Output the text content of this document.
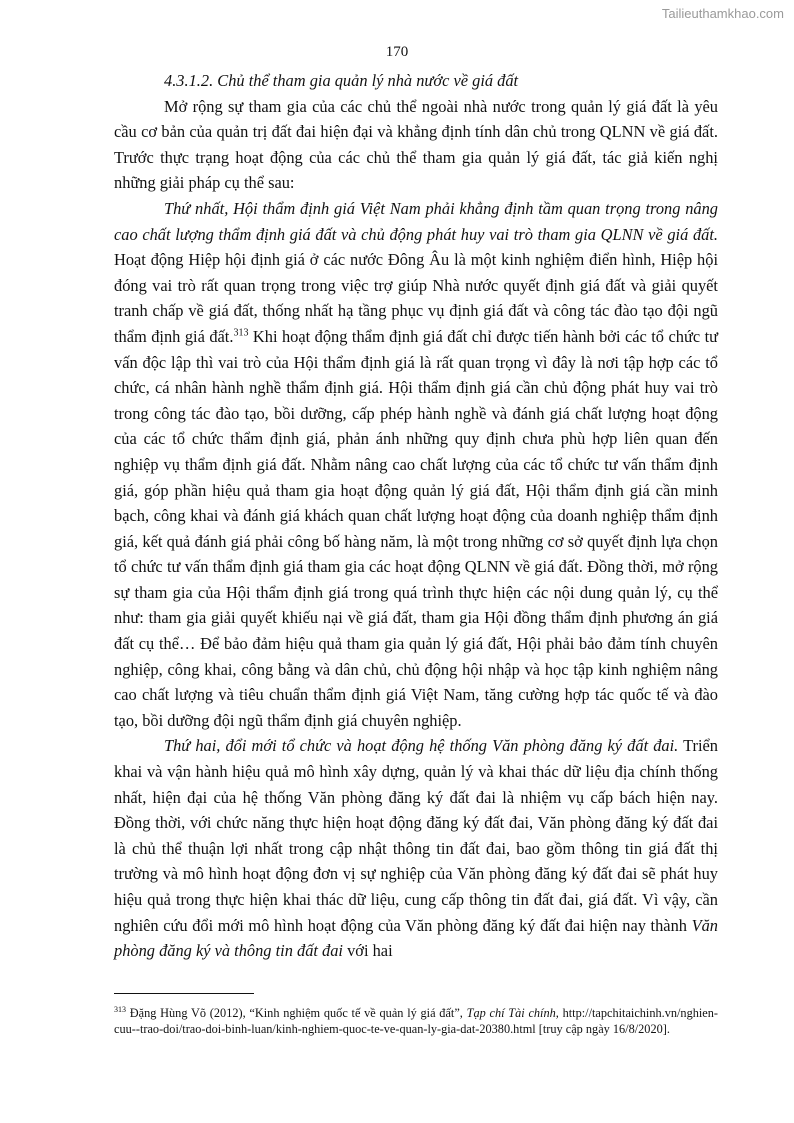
Tailieuthamkhao.com
170
4.3.1.2. Chủ thể tham gia quản lý nhà nước về giá đất

Mở rộng sự tham gia của các chủ thể ngoài nhà nước trong quản lý giá đất là yêu cầu cơ bản của quản trị đất đai hiện đại và khẳng định tính dân chủ trong QLNN về giá đất. Trước thực trạng hoạt động của các chủ thể tham gia quản lý giá đất, tác giả kiến nghị những giải pháp cụ thể sau:

Thứ nhất, Hội thẩm định giá Việt Nam phải khẳng định tầm quan trọng trong nâng cao chất lượng thẩm định giá đất và chủ động phát huy vai trò tham gia QLNN về giá đất. Hoạt động Hiệp hội định giá ở các nước Đông Âu là một kinh nghiệm điển hình, Hiệp hội đóng vai trò rất quan trọng trong việc trợ giúp Nhà nước quyết định giá đất và giải quyết tranh chấp về giá đất, thống nhất hạ tầng phục vụ định giá đất và công tác đào tạo đội ngũ thẩm định giá đất.$^{313}$ Khi hoạt động thẩm định giá đất chỉ được tiến hành bởi các tổ chức tư vấn độc lập thì vai trò của Hội thẩm định giá là rất quan trọng vì đây là nơi tập hợp các tổ chức, cá nhân hành nghề thẩm định giá. Hội thẩm định giá cần chủ động phát huy vai trò trong công tác đào tạo, bồi dưỡng, cấp phép hành nghề và đánh giá chất lượng hoạt động của các tổ chức thẩm định giá, phản ánh những quy định chưa phù hợp liên quan đến nghiệp vụ thẩm định giá đất. Nhằm nâng cao chất lượng của các tổ chức tư vấn thẩm định giá, góp phần hiệu quả tham gia hoạt động quản lý giá đất, Hội thẩm định giá cần minh bạch, công khai và đánh giá khách quan chất lượng hoạt động của doanh nghiệp thẩm định giá, kết quả đánh giá phải công bố hàng năm, là một trong những cơ sở quyết định lựa chọn tổ chức tư vấn thẩm định giá tham gia các hoạt động QLNN về giá đất. Đồng thời, mở rộng sự tham gia của Hội thẩm định giá trong quá trình thực hiện các nội dung quản lý, cụ thể như: tham gia giải quyết khiếu nại về giá đất, tham gia Hội đồng thẩm định phương án giá đất cụ thể… Để bảo đảm hiệu quả tham gia quản lý giá đất, Hội phải bảo đảm tính chuyên nghiệp, công khai, công bằng và dân chủ, chủ động hội nhập và học tập kinh nghiệm nâng cao chất lượng và tiêu chuẩn thẩm định giá Việt Nam, tăng cường hợp tác quốc tế và đào tạo, bồi dưỡng đội ngũ thẩm định giá chuyên nghiệp.

Thứ hai, đổi mới tổ chức và hoạt động hệ thống Văn phòng đăng ký đất đai. Triển khai và vận hành hiệu quả mô hình xây dựng, quản lý và khai thác dữ liệu địa chính thống nhất, hiện đại của hệ thống Văn phòng đăng ký đất đai là nhiệm vụ cấp bách hiện nay. Đồng thời, với chức năng thực hiện hoạt động đăng ký đất đai, Văn phòng đăng ký đất đai là chủ thể thuận lợi nhất trong cập nhật thông tin đất đai, bao gồm thông tin giá đất thị trường và mô hình hoạt động đơn vị sự nghiệp của Văn phòng đăng ký đất đai sẽ phát huy hiệu quả trong thực hiện khai thác dữ liệu, cung cấp thông tin đất đai, giá đất. Vì vậy, cần nghiên cứu đổi mới mô hình hoạt động của Văn phòng đăng ký đất đai hiện nay thành Văn phòng đăng ký và thông tin đất đai với hai

$^{313}$ Đặng Hùng Võ (2012), “Kinh nghiệm quốc tế về quản lý giá đất”, Tạp chí Tài chính, http://tapchitaichinh.vn/nghien-cuu--trao-doi/trao-doi-binh-luan/kinh-nghiem-quoc-te-ve-quan-ly-gia-dat-20380.html [truy cập ngày 16/8/2020].
